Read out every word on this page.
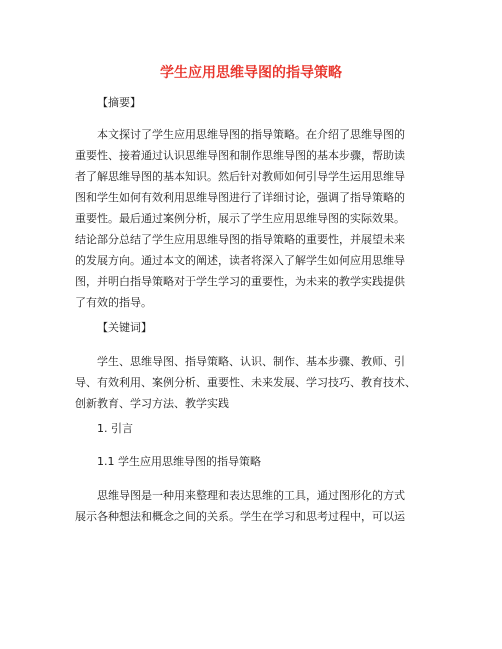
学生应用思维导图的指导策略
【摘要】
本文探讨了学生应用思维导图的指导策略。在介绍了思维导图的
重要性、接着通过认识思维导图和制作思维导图的基本步骤，帮助读
者了解思维导图的基本知识。然后针对教师如何引导学生运用思维导
图和学生如何有效利用思维导图进行了详细讨论，强调了指导策略的
重要性。最后通过案例分析，展示了学生应用思维导图的实际效果。
结论部分总结了学生应用思维导图的指导策略的重要性，并展望未来
的发展方向。通过本文的阐述，读者将深入了解学生如何应用思维导
图，并明白指导策略对于学生学习的重要性，为未来的教学实践提供
了有效的指导。
【关键词】
学生、思维导图、指导策略、认识、制作、基本步骤、教师、引
导、有效利用、案例分析、重要性、未来发展、学习技巧、教育技术、
创新教育、学习方法、教学实践
1. 引言
1.1 学生应用思维导图的指导策略
思维导图是一种用来整理和表达思维的工具，通过图形化的方式
展示各种想法和概念之间的关系。学生在学习和思考过程中，可以运
